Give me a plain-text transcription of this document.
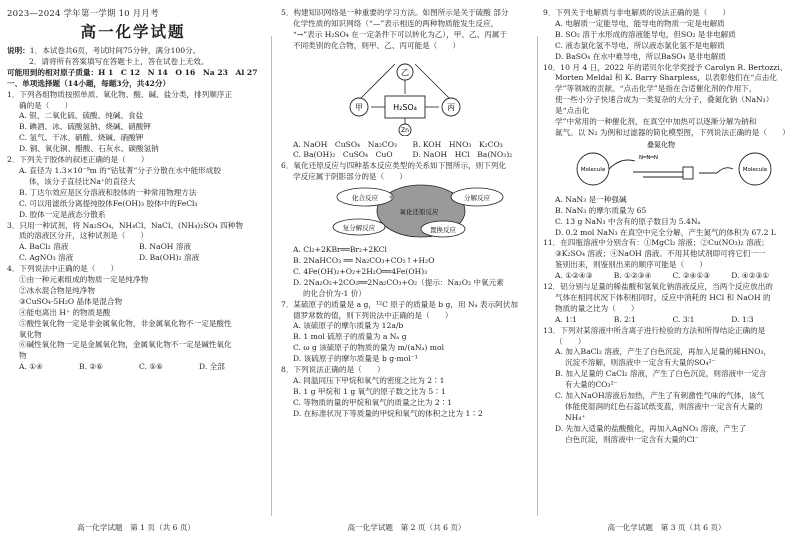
2023—2024 学年第一学期 10 月月考
高一化学试题
说明：1．本试卷共6页，考试时间75分钟，满分100分。
2．请将所有答案填写在答题卡上，答在试卷上无效。
可能用到的相对原子质量：H 1　C 12　N 14　O 16　Na 23　Al 27
一、单项选择题（14小题，每题3分，共42分）
1．下列各组物质按照单质、氧化物、酸、碱、盐分类，排列顺序正
确的是（　　）
A. 银、二氧化硫、硫酸、纯碱、食盐
B. 碘酒、冰、硫酸氢钠、烧碱、硝酸钾
C. 氢气、干冰、硝酸、烧碱、硝酸钾
D. 铜、氧化铜、醋酸、石灰水、碳酸氢钠
2．下列关于胶体的叙述正确的是（　　）
A. 直径为 1.3×10⁻⁹m 的“钴钛菁”分子分散在水中能形成胶
体，该分子直径比Na⁺的直径大
B. 丁达尔效应是区分溶液和胶体的一种常用物理方法
C. 可以用滤纸分离提纯胶体Fe(OH)₃ 胶体中的FeCl₃
D. 胶体一定是液态分散系
3．只用一种试剂，将 Na₂SO₄、NH₄Cl、NaCl、(NH₄)₂SO₄ 四种物
质的溶液区分开，这种试剂是（　　）
A. BaCl₂ 溶液	B. NaOH 溶液
C. AgNO₃ 溶液	D. Ba(OH)₂ 溶液
4．下列说法中正确的是（　　）
①由一种元素组成的物质一定是纯净物
②冰水混合物是纯净物
③CuSO₄·5H₂O 晶体是混合物
④能电离出 H⁺ 的物质是酸
⑤酸性氧化物一定是非金属氧化物，非金属氧化物不一定是酸性
氧化物
⑥碱性氧化物一定是金属氧化物，金属氧化物不一定是碱性氧化
物
A. ①④	B. ②⑥	C. ⑤⑥	D. 全部
5．构建知识网络是一种重要的学习方法。如图所示是关于硫酸 部分
化学性质的知识网络（“—”表示相连的两种物质能发生反应，
“→”表示 H₂SO₄ 在一定条件下可以转化为乙），甲、乙、丙属于
不同类别的化合物，则甲、乙、丙可能是（　　）
乙
H₂SO₄
甲	丙
Zn
A. NaOH　CuSO₄　Na₂CO₃	B. KOH　HNO₃　K₂CO₃
C. Ba(OH)₂　CuSO₄　CuO	D. NaOH　HCl　Ba(NO₃)₂
6．氧化还原反应与四种基本反应类型的关系如下图所示，则下列化
学反应属于阴影部分的是（　　）
化合反应	分解反应
氧化还原反应
置换反应
复分解反应
A. Cl₂+2KBr══Br₂+2KCl
B. 2NaHCO₃ ══ Na₂CO₃+CO₂↑+H₂O
C. 4Fe(OH)₂+O₂+2H₂O══4Fe(OH)₃
D. 2Na₂O₂+2CO₂══2Na₂CO₃+O₂（提示：Na₂O₂ 中氧元素
的化合价为-1 价）
7．某硫原子的质量是 a g，¹²C 原子的质量是 b g，用 Nₐ 表示阿伏加
德罗常数的值，则下列说法中正确的是（　　）
A. 该硫原子的摩尔质量为 12a/b
B. 1 mol 硫原子的质量为 a Nₐ g
C. ω g 该硫原子的物质的量为 m/(aNₐ) mol
D. 该硫原子的摩尔质量是 b g·mol⁻¹
8．下列说法正确的是（　　）
A. 同温同压下甲烷和氧气的密度之比为 2∶1
B. 1 g 甲烷和 1 g 氧气的原子数之比为 5∶1
C. 等物质的量的甲烷和氧气的质量之比为 2∶1
D. 在标准状况下等质量的甲烷和氧气的体积之比为 1∶2
9．下列关于电解质与非电解质的说法正确的是（　　）
A. 电解质一定能导电，能导电的物质一定是电解质
B. SO₂ 溶于水形成的溶液能导电，但SO₂ 是非电解质
C. 液态氯化氢不导电，所以液态氯化氢不是电解质
D. BaSO₄ 在水中难导电，所以BaSO₄ 是非电解质
10．10 月 4 日，2022 年的诺贝尔化学奖授予 Carolyn R. Bertozzi、
Morten Meldal 和 K. Barry Sharpless，以表彰他们在“点击化
学”等领域的贡献。“点击化学”是指在合适催化剂的作用下，
使一些小分子快速合成为一类复杂的大分子，叠氮化钠（NaN₃）是“点击化
学”中常用的一种催化剂，在真空中加热可以逐渐分解为钠和
氮气。以 N₂ 为例和过滤器的简化模型图，下列说法正确的是（　　）
叠氮化物
Molecule
N═N═N
Molecule
A. NaN₃ 是一种强碱
B. NaN₃ 的摩尔质量为 65
C. 13 g NaN₃ 中含有的原子数目为 5.4Nₐ
D. 0.2 mol NaN₃ 在真空中完全分解，产生氮气的体积为 67.2 L
11．在四瓶溶液中分别含有：①MgCl₂ 溶液；②Cu(NO₃)₂ 溶液；
③K₂SO₄ 溶液；④NaOH 溶液。不用其他试剂即可将它们一一
鉴别出来，则鉴别出来的顺序可能是（　　）
A. ①②④③	B. ①②③④	C. ②④①③	D. ④②③①
12．铝分别与足量的稀盐酸和氢氧化钠溶液反应，当两个反应放出的
气体在相同状况下体积相同时，反应中消耗的 HCl 和 NaOH 的
物质的量之比为（　　）
A. 1∶1	B. 2∶1	C. 3∶1	D. 1∶3
13．下列对某溶液中所含离子进行检验的方法和所得结论正确的是
（　　）
A. 加入BaCl₂ 溶液，产生了白色沉淀，再加入足量的稀HNO₃，
沉淀不溶解，则溶液中一定含有大量的SO₄²⁻
B. 加入足量的 CaCl₂ 溶液，产生了白色沉淀，则溶液中一定含
有大量的CO₃²⁻
C. 加入NaOH溶液后加热，产生了有刺激性气味的气体，该气
体能使湿润的红色石蕊试纸变蓝，则溶液中一定含有大量的
NH₄⁺
D. 先加入适量的盐酸酸化，再加入AgNO₃ 溶液，产生了
白色沉淀，则溶液中一定含有大量的Cl⁻
高一化学试题　第 1 页（共 6 页）	高一化学试题　第 2 页（共 6 页）	高一化学试题　第 3 页（共 6 页）
